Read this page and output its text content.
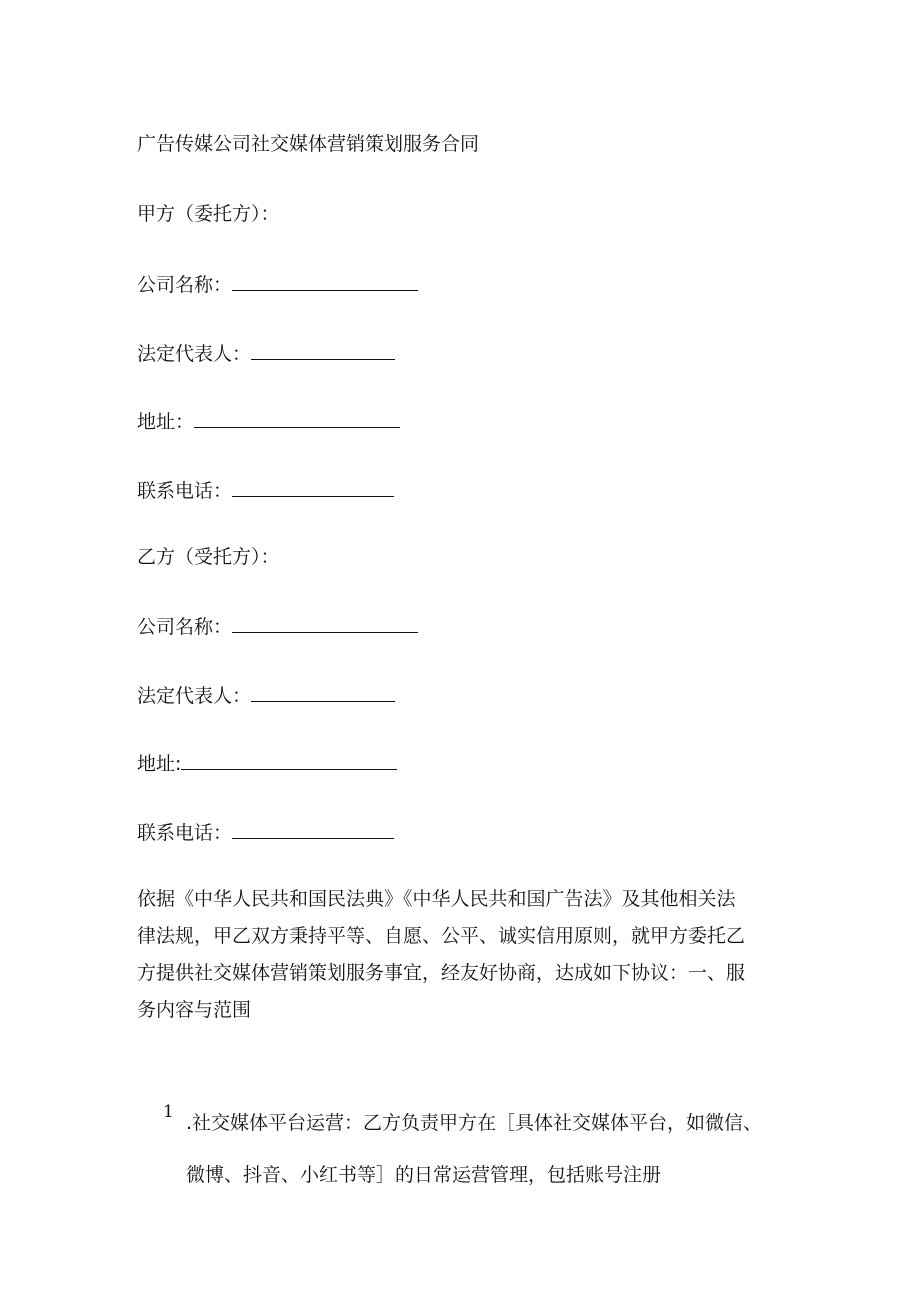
广告传媒公司社交媒体营销策划服务合同
甲方（委托方）：
公司名称：
法定代表人：
地址：
联系电话：
乙方（受托方）：
公司名称：
法定代表人：
地址:
联系电话：
依据《中华人民共和国民法典》《中华人民共和国广告法》及其他相关法
律法规，甲乙双方秉持平等、自愿、公平、诚实信用原则，就甲方委托乙
方提供社交媒体营销策划服务事宜，经友好协商，达成如下协议：一、服
务内容与范围
1 .社交媒体平台运营：乙方负责甲方在［具体社交媒体平台，如微信、
微博、抖音、小红书等］的日常运营管理，包括账号注册
